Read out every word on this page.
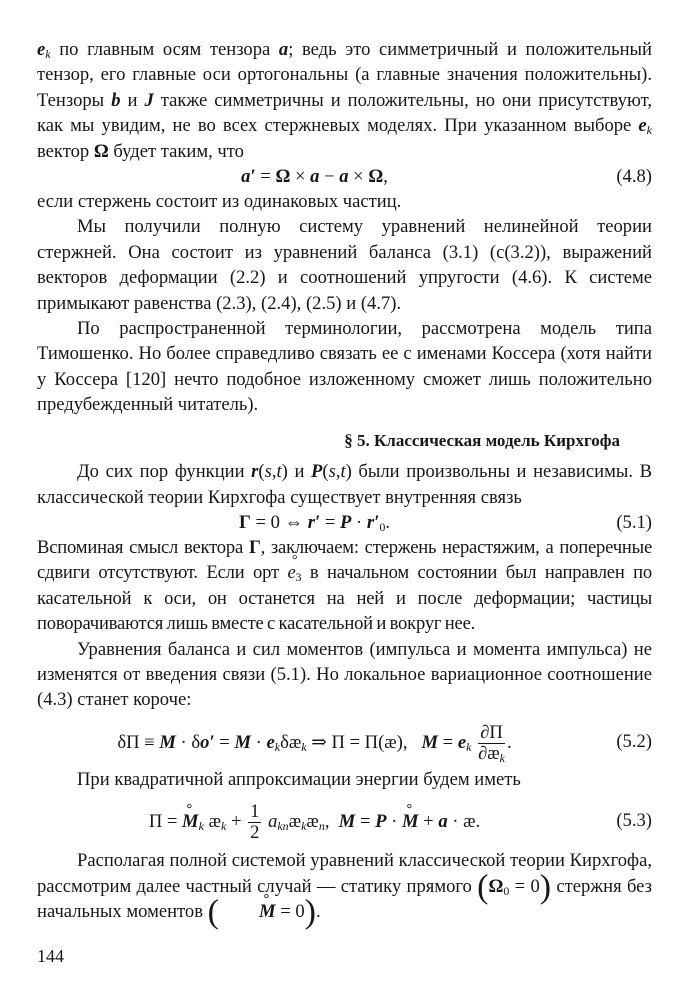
$e_k$ по главным осям тензора a; ведь это симметричный и положительный тензор, его главные оси ортогональны (а главные значения положительны). Тензоры b и J также симметричны и положительны, но они присутствуют, как мы увидим, не во всех стержневых моделях. При указанном выборе $e_k$ вектор Ω будет таким, что

a′ = Ω × a − a × Ω,	(4.8)

если стержень состоит из одинаковых частиц.

Мы получили полную систему уравнений нелинейной теории стержней. Она состоит из уравнений баланса (3.1) (с(3.2)), выражений векторов деформации (2.2) и соотношений упругости (4.6). К системе примыкают равенства (2.3), (2.4), (2.5) и (4.7).

По распространенной терминологии, рассмотрена модель типа Тимошенко. Но более справедливо связать ее с именами Коссера (хотя найти у Коссера [120] нечто подобное изложенному сможет лишь положительно предубежденный читатель).

§ 5. Классическая модель Кирхгофа

До сих пор функции r(s,t) и P(s,t) были произвольны и независимы. В классической теории Кирхгофа существует внутренняя связь

Γ = 0 ⇔ $r' = P \cdot r'_0$.	(5.1)

Вспоминая смысл вектора Γ, заключаем: стержень нерастяжим, а поперечные сдвиги отсутствуют. Если орт ° $e_3$ в начальном состоянии был направлен по касательной к оси, он останется на ней и после деформации; частицы поворачиваются лишь вместе с касательной и вокруг нее.

Уравнения баланса и сил моментов (импульса и момента импульса) не изменятся от введения связи (5.1). Но локальное вариационное соотношение (4.3) станет короче:

$\delta\Pi \equiv M \cdot \delta o' = M \cdot e_k\delta æ_k$ ⇒ Π = Π(æ),   $M = e_k \frac{\partial\Pi}{\partial æ_k}$ .	(5.2)

При квадратичной аппроксимации энергии будем иметь

Π = ° $M_k$ $æ_k + \frac{1}{2}$ $a_{kn}æ_kæ_n$,  M = P · ° M + a · æ.	(5.3)

Располагая полной системой уравнений классической теории Кирхгофа, рассмотрим далее частный случай — статику прямого $(\Omega_0 = 0)$ стержня без начальных моментов (° M = 0).

144
